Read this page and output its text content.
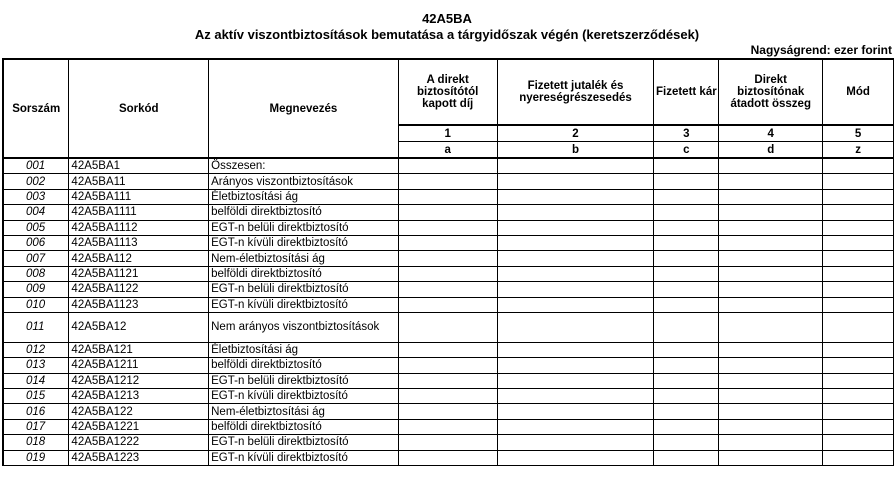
42A5BA
Az aktív viszontbiztosítások bemutatása a tárgyidőszak végén (keretszerződések)
Nagyságrend: ezer forint
Sorszám	Sorkód	Megnevezés	A direkt biztosítótól kapott díj	Fizetett jutalék és nyereségrészesedés	Fizetett kár	Direkt biztosítónak átadott összeg	Mód
			1	2	3	4	5
			a	b	c	d	z
001	42A5BA1	Összesen:					
002	42A5BA11	Arányos viszontbiztosítások					
003	42A5BA111	Életbiztosítási ág					
004	42A5BA1111	belföldi direktbiztosító					
005	42A5BA1112	EGT-n belüli direktbiztosító					
006	42A5BA1113	EGT-n kívüli direktbiztosító					
007	42A5BA112	Nem-életbiztosítási ág					
008	42A5BA1121	belföldi direktbiztosító					
009	42A5BA1122	EGT-n belüli direktbiztosító					
010	42A5BA1123	EGT-n kívüli direktbiztosító					
011	42A5BA12	Nem arányos viszontbiztosítások					
012	42A5BA121	Életbiztosítási ág					
013	42A5BA1211	belföldi direktbiztosító					
014	42A5BA1212	EGT-n belüli direktbiztosító					
015	42A5BA1213	EGT-n kívüli direktbiztosító					
016	42A5BA122	Nem-életbiztosítási ág					
017	42A5BA1221	belföldi direktbiztosító					
018	42A5BA1222	EGT-n belüli direktbiztosító					
019	42A5BA1223	EGT-n kívüli direktbiztosító					
